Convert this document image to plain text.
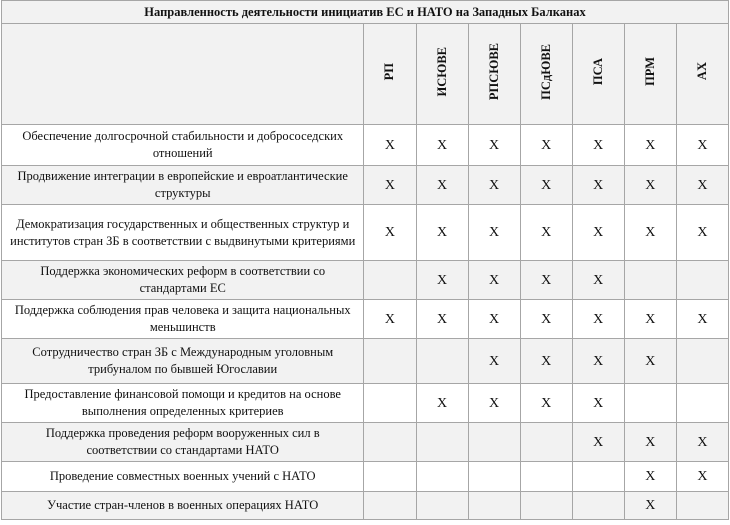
Направленность деятельности инициатив ЕС и НАТО на Западных Балканах							
	РП	ИСЮВЕ	РПСЮВЕ	ПСдЮВЕ	ПСА	ПРМ	АХ
Обеспечение долгосрочной стабильности и добрососедских отношений	X	X	X	X	X	X	X
Продвижение интеграции в европейские и евроатлантические структуры	X	X	X	X	X	X	X
Демократизация государственных и общественных структур и институтов стран ЗБ в соответствии с выдвинутыми критериями	X	X	X	X	X	X	X
Поддержка экономических реформ в соответствии со стандартами ЕС		X	X	X	X		
Поддержка соблюдения прав человека и защита национальных меньшинств	X	X	X	X	X	X	X
Сотрудничество стран ЗБ с Международным уголовным трибуналом по бывшей Югославии			X	X	X	X	
Предоставление финансовой помощи и кредитов на основе выполнения определенных критериев		X	X	X	X		
Поддержка проведения реформ вооруженных сил в соответствии со стандартами НАТО					X	X	X
Проведение совместных военных учений с НАТО						X	X
Участие стран-членов в военных операциях НАТО						X	
